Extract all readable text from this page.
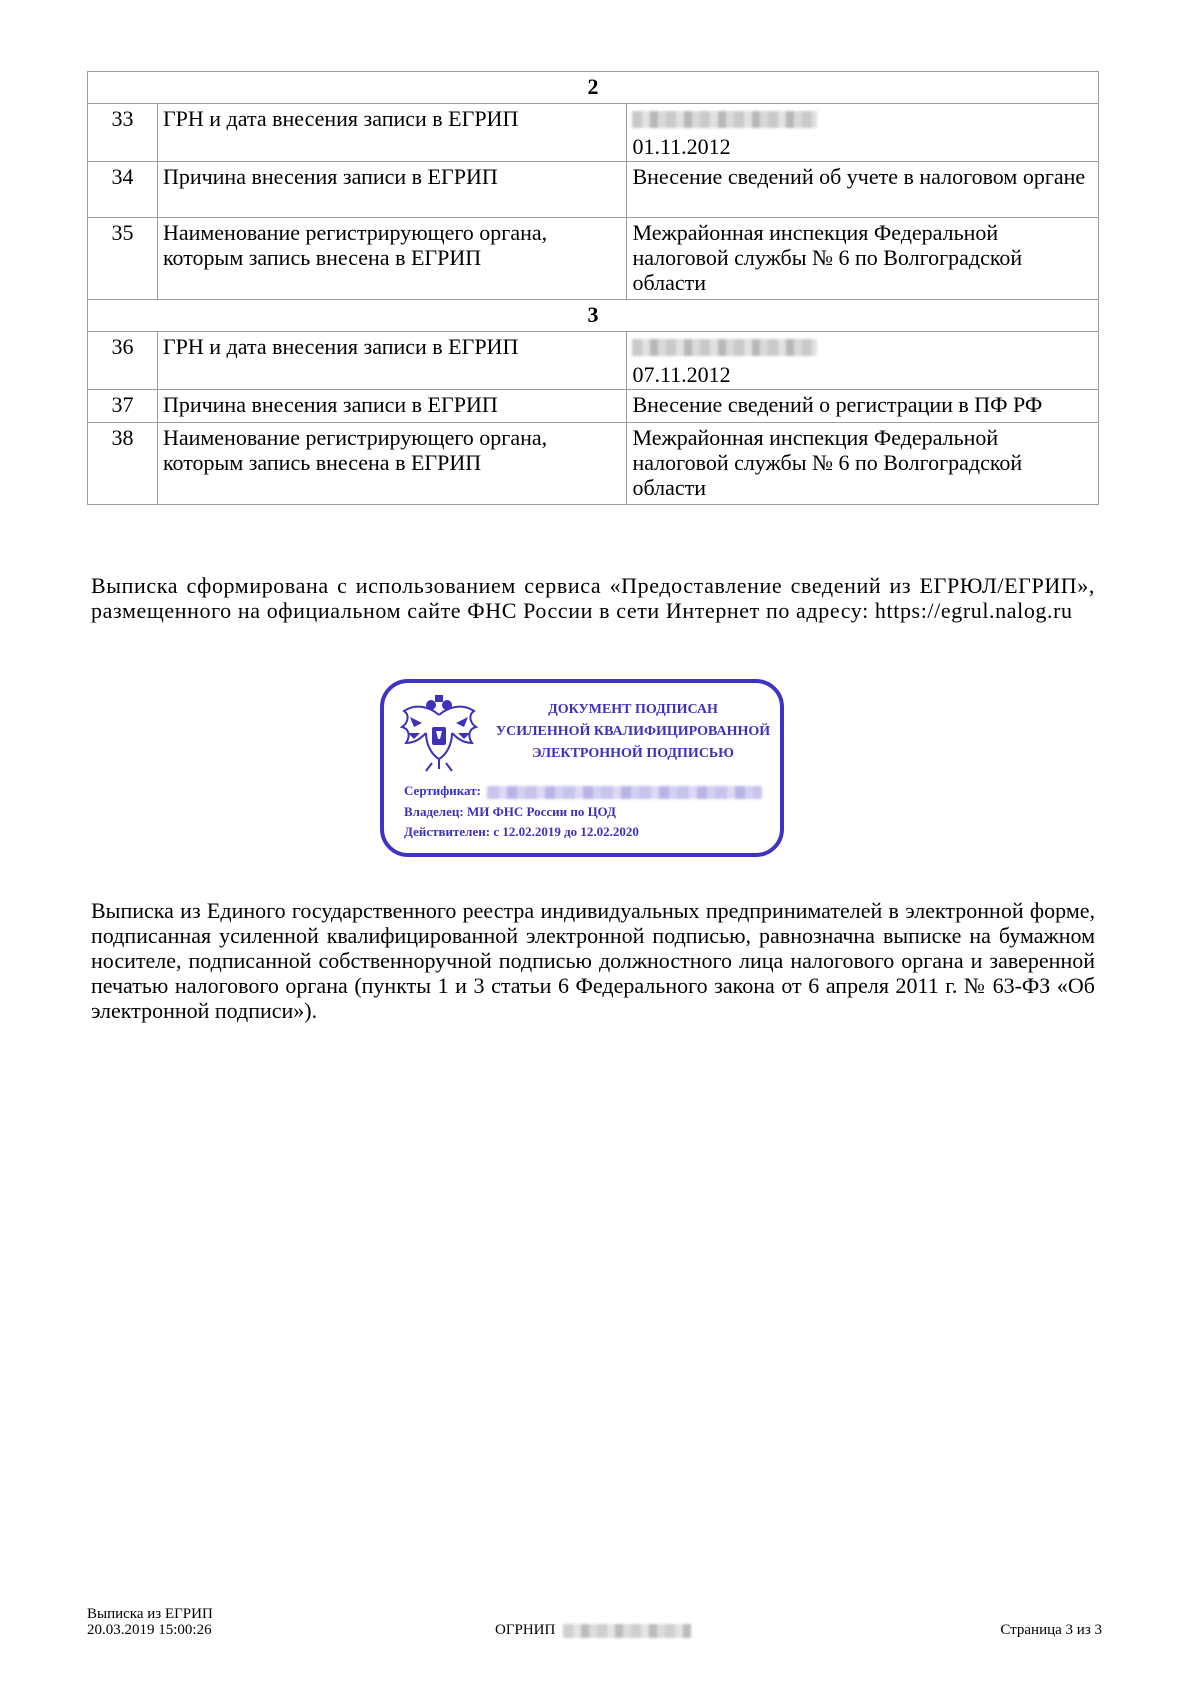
2		
33	ГРН и дата внесения записи в ЕГРИП	01.11.2012
34	Причина внесения записи в ЕГРИП	Внесение сведений об учете в налоговом органе
35	Наименование регистрирующего органа, которым запись внесена в ЕГРИП	Межрайонная инспекция Федеральной налоговой службы № 6 по Волгоградской области
3		
36	ГРН и дата внесения записи в ЕГРИП	07.11.2012
37	Причина внесения записи в ЕГРИП	Внесение сведений о регистрации в ПФ РФ
38	Наименование регистрирующего органа, которым запись внесена в ЕГРИП	Межрайонная инспекция Федеральной налоговой службы № 6 по Волгоградской области

Выписка сформирована с использованием сервиса «Предоставление сведений из ЕГРЮЛ/ЕГРИП», размещенного на официальном сайте ФНС России в сети Интернет по адресу: https://egrul.nalog.ru

ДОКУМЕНТ ПОДПИСАН
УСИЛЕННОЙ КВАЛИФИЦИРОВАННОЙ
ЭЛЕКТРОННОЙ ПОДПИСЬЮ
Сертификат:
Владелец: МИ ФНС России по ЦОД
Действителен: с 12.02.2019 до 12.02.2020

Выписка из Единого государственного реестра индивидуальных предпринимателей в электронной форме, подписанная усиленной квалифицированной электронной подписью, равнозначна выписке на бумажном носителе, подписанной собственноручной подписью должностного лица налогового органа и заверенной печатью налогового органа (пункты 1 и 3 статьи 6 Федерального закона от 6 апреля 2011 г. № 63-ФЗ «Об электронной подписи»).

Выписка из ЕГРИП
20.03.2019 15:00:26	ОГРНИП	Страница 3 из 3
